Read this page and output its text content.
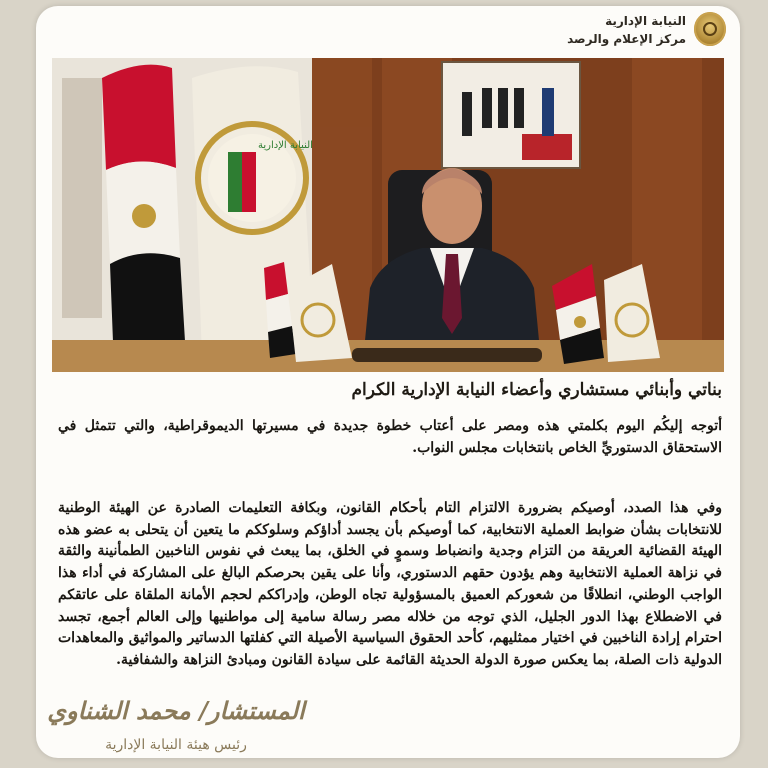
النيابة الإدارية
مركز الإعلام والرصد
النيابة الإدارية
بناتي وأبنائي مستشاري وأعضاء النيابة الإدارية الكرام
أتوجه إليكُم اليوم بكلمتي هذه ومصر على أعتاب خطوة جديدة في مسيرتها الديموقراطية، والتي تتمثل في الاستحقاق الدستوريِّ الخاص بانتخابات مجلس النواب.
وفي هذا الصدد، أوصيكم بضرورة الالتزام التام بأحكام القانون، وبكافة التعليمات الصادرة عن الهيئة الوطنية للانتخابات بشأن ضوابط العملية الانتخابية، كما أوصيكم بأن يجسد أداؤكم وسلوككم ما يتعين أن يتحلى به عضو هذه الهيئة القضائية العريقة من التزام وجدية وانضباط وسموٍ في الخلق، بما يبعث في نفوس الناخبين الطمأنينة والثقة في نزاهة العملية الانتخابية وهم يؤدون حقهم الدستوري، وأنا على يقين بحرصكم البالغ على المشاركة في أداء هذا الواجب الوطني، انطلاقًا من شعوركم العميق بالمسؤولية تجاه الوطن، وإدراككم لحجم الأمانة الملقاة على عاتقكم في الاضطلاع بهذا الدور الجليل، الذي توجه من خلاله مصر رسالة سامية إلى مواطنيها وإلى العالم أجمع، تجسد احترام إرادة الناخبين في اختيار ممثليهم، كأحد الحقوق السياسية الأصيلة التي كفلتها الدساتير والمواثيق والمعاهدات الدولية ذات الصلة، بما يعكس صورة الدولة الحديثة القائمة على سيادة القانون ومبادئ النزاهة والشفافية.
المستشار/ محمد الشناوي
رئيس هيئة النيابة الإدارية
